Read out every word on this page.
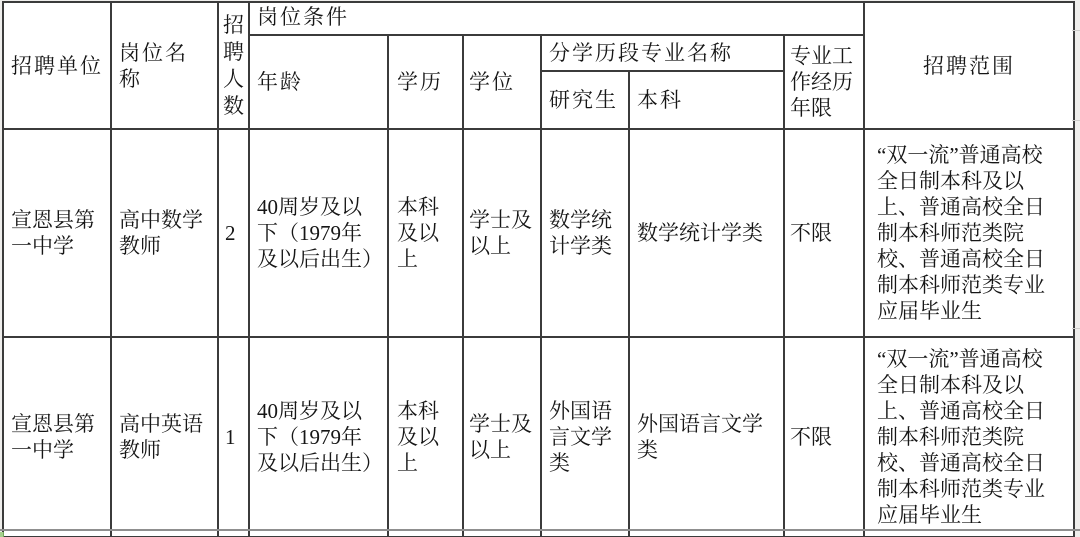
招聘单位	岗位名称	招聘人数	岗位条件						招聘范围
			年龄	学历	学位	分学历段专业名称		专业工作经历年限	
						研究生	本科		
宣恩县第一中学	高中数学教师	2	40周岁及以下（1979年及以后出生）	本科及以上	学士及以上	数学统计学类	数学统计学类	不限	“双一流”普通高校全日制本科及以上、普通高校全日制本科师范类院校、普通高校全日制本科师范类专业应届毕业生
宣恩县第一中学	高中英语教师	1	40周岁及以下（1979年及以后出生）	本科及以上	学士及以上	外国语言文学类	外国语言文学类	不限	“双一流”普通高校全日制本科及以上、普通高校全日制本科师范类院校、普通高校全日制本科师范类专业应届毕业生
